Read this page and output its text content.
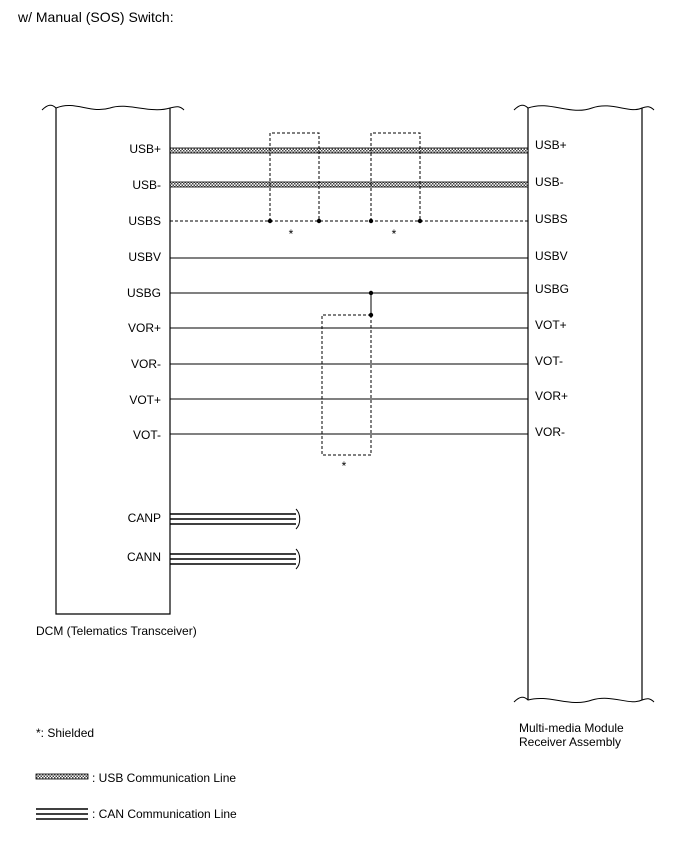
w/ Manual (SOS) Switch:
DCM (Telematics Transceiver)
Multi-media Module
Receiver Assembly
USB+
USB-
USBS
USBV
USBG
VOR+
VOR-
VOT+
VOT-
CANP
CANN
USB+
USB-
USBS
USBV
USBG
VOT+
VOT-
VOR+
VOR-
*	*
*
*: Shielded
: USB Communication Line
: CAN Communication Line
